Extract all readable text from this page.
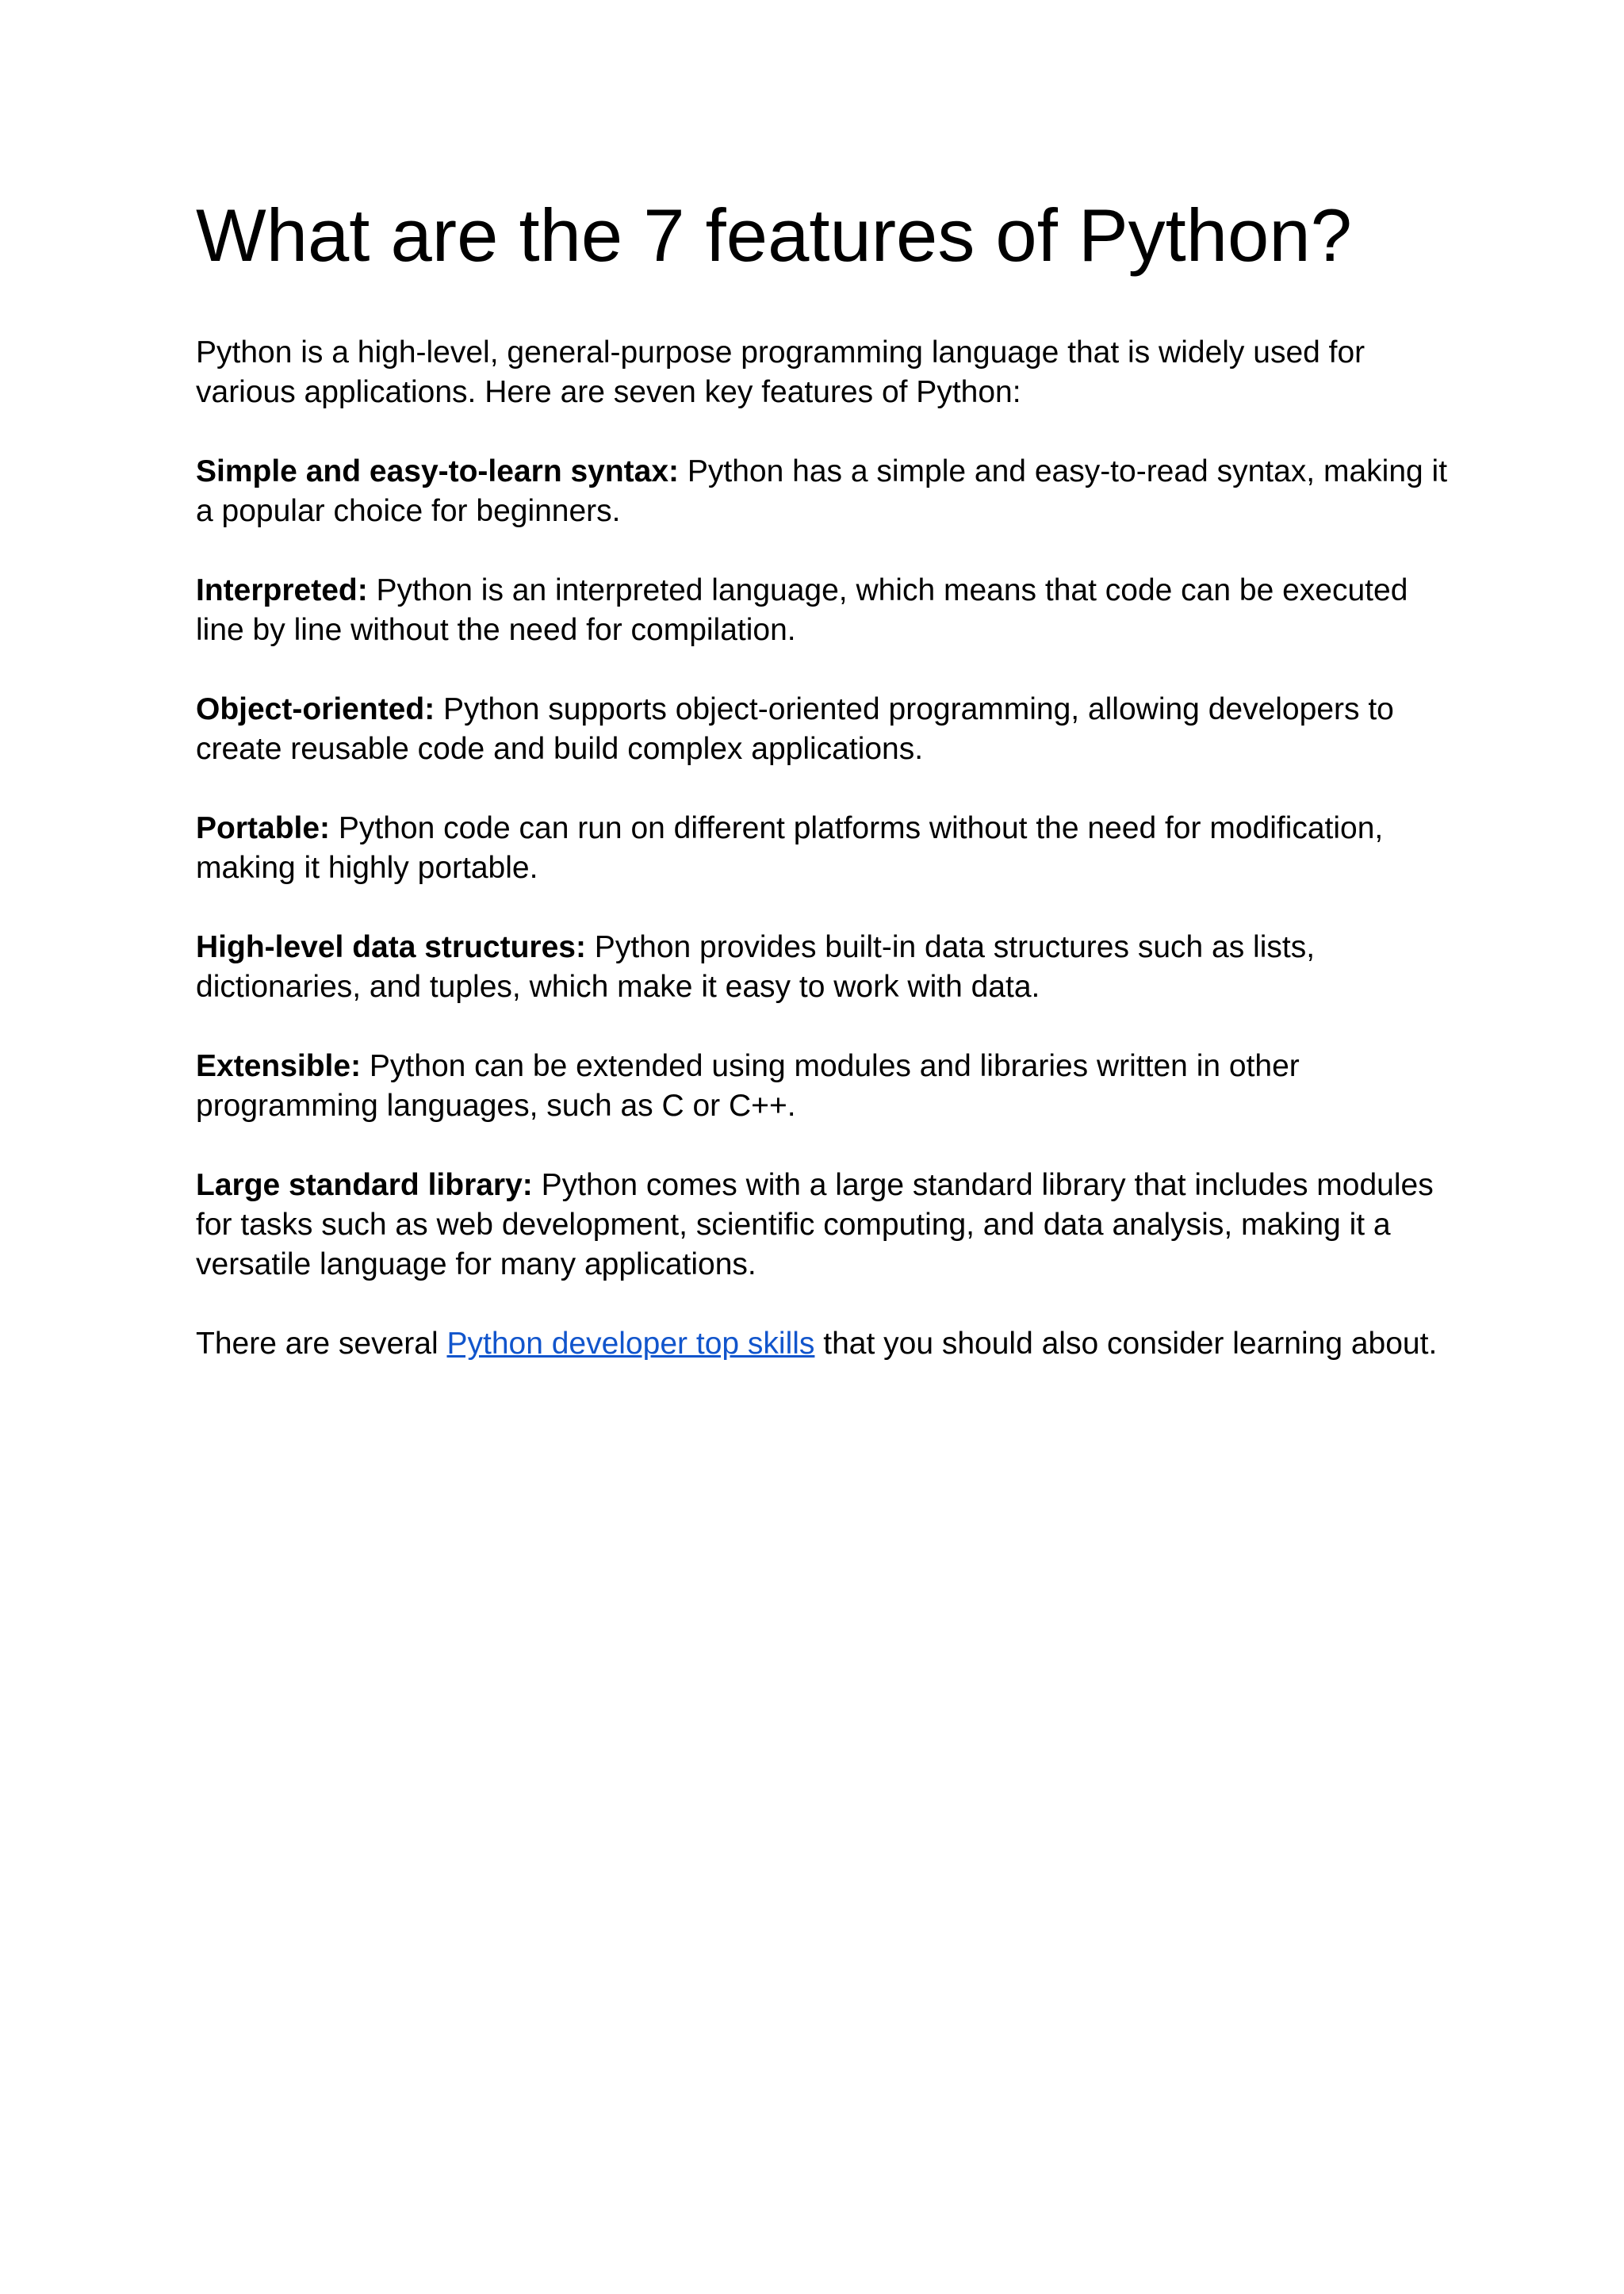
What are the 7 features of Python?

Python is a high-level, general-purpose programming language that is widely used for various applications. Here are seven key features of Python:

Simple and easy-to-learn syntax: Python has a simple and easy-to-read syntax, making it a popular choice for beginners.

Interpreted: Python is an interpreted language, which means that code can be executed line by line without the need for compilation.

Object-oriented: Python supports object-oriented programming, allowing developers to create reusable code and build complex applications.

Portable: Python code can run on different platforms without the need for modification, making it highly portable.

High-level data structures: Python provides built-in data structures such as lists, dictionaries, and tuples, which make it easy to work with data.

Extensible: Python can be extended using modules and libraries written in other programming languages, such as C or C++.

Large standard library: Python comes with a large standard library that includes modules for tasks such as web development, scientific computing, and data analysis, making it a versatile language for many applications.

There are several Python developer top skills that you should also consider learning about.
